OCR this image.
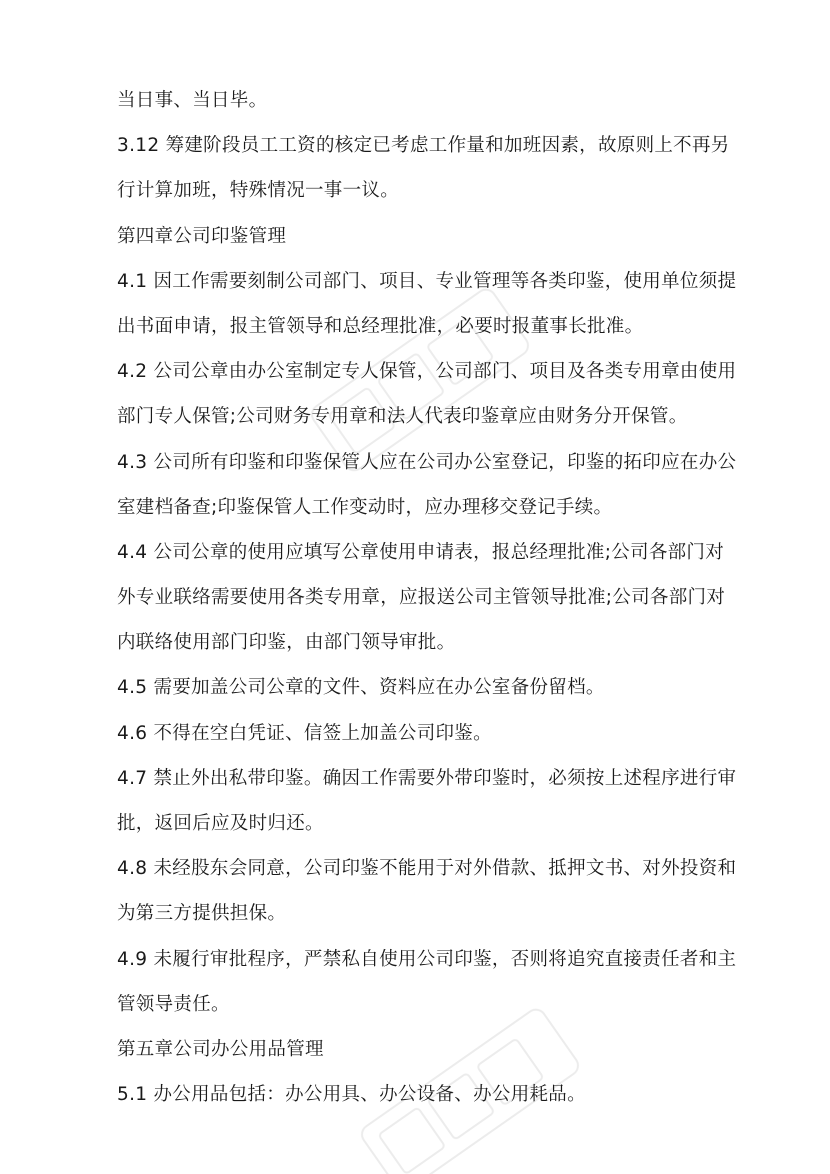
当日事、当日毕。
3.12 筹建阶段员工工资的核定已考虑工作量和加班因素，故原则上不再另
行计算加班，特殊情况一事一议。
第四章公司印鉴管理
4.1 因工作需要刻制公司部门、项目、专业管理等各类印鉴，使用单位须提
出书面申请，报主管领导和总经理批准，必要时报董事长批准。
4.2 公司公章由办公室制定专人保管，公司部门、项目及各类专用章由使用
部门专人保管;公司财务专用章和法人代表印鉴章应由财务分开保管。
4.3 公司所有印鉴和印鉴保管人应在公司办公室登记，印鉴的拓印应在办公
室建档备查;印鉴保管人工作变动时，应办理移交登记手续。
4.4 公司公章的使用应填写公章使用申请表，报总经理批准;公司各部门对
外专业联络需要使用各类专用章，应报送公司主管领导批准;公司各部门对
内联络使用部门印鉴，由部门领导审批。
4.5 需要加盖公司公章的文件、资料应在办公室备份留档。
4.6 不得在空白凭证、信签上加盖公司印鉴。
4.7 禁止外出私带印鉴。确因工作需要外带印鉴时，必须按上述程序进行审
批，返回后应及时归还。
4.8 未经股东会同意，公司印鉴不能用于对外借款、抵押文书、对外投资和
为第三方提供担保。
4.9 未履行审批程序，严禁私自使用公司印鉴，否则将追究直接责任者和主
管领导责任。
第五章公司办公用品管理
5.1 办公用品包括：办公用具、办公设备、办公用耗品。
